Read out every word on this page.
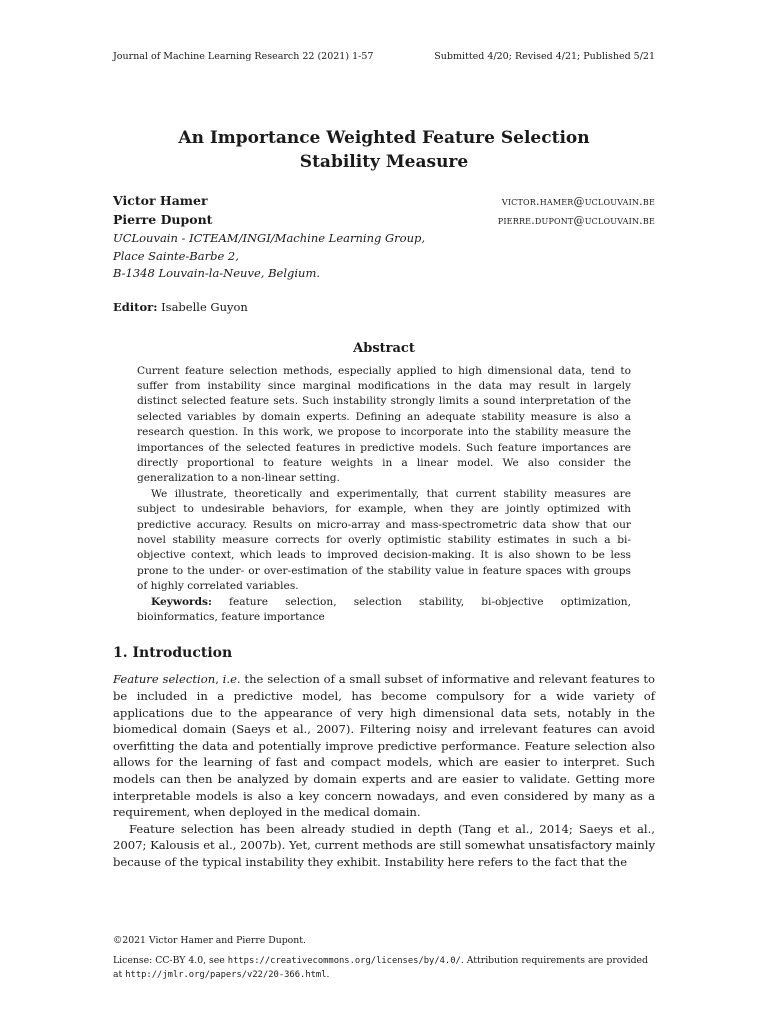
Journal of Machine Learning Research 22 (2021) 1-57	Submitted 4/20; Revised 4/21; Published 5/21
An Importance Weighted Feature Selection
Stability Measure
Victor Hamer	victor.hamer@uclouvain.be
Pierre Dupont	pierre.dupont@uclouvain.be
UCLouvain - ICTEAM/INGI/Machine Learning Group,
Place Sainte-Barbe 2,
B-1348 Louvain-la-Neuve, Belgium.
Editor: Isabelle Guyon
Abstract

Current feature selection methods, especially applied to high dimensional data, tend to suffer from instability since marginal modifications in the data may result in largely distinct selected feature sets. Such instability strongly limits a sound interpretation of the selected variables by domain experts. Defining an adequate stability measure is also a research question. In this work, we propose to incorporate into the stability measure the importances of the selected features in predictive models. Such feature importances are directly proportional to feature weights in a linear model. We also consider the generalization to a non-linear setting.

We illustrate, theoretically and experimentally, that current stability measures are subject to undesirable behaviors, for example, when they are jointly optimized with predictive accuracy. Results on micro-array and mass-spectrometric data show that our novel stability measure corrects for overly optimistic stability estimates in such a bi-objective context, which leads to improved decision-making. It is also shown to be less prone to the under- or over-estimation of the stability value in feature spaces with groups of highly correlated variables.

Keywords: feature selection, selection stability, bi-objective optimization, bioinformatics, feature importance

1. Introduction

Feature selection, i.e. the selection of a small subset of informative and relevant features to be included in a predictive model, has become compulsory for a wide variety of applications due to the appearance of very high dimensional data sets, notably in the biomedical domain (Saeys et al., 2007). Filtering noisy and irrelevant features can avoid overfitting the data and potentially improve predictive performance. Feature selection also allows for the learning of fast and compact models, which are easier to interpret. Such models can then be analyzed by domain experts and are easier to validate. Getting more interpretable models is also a key concern nowadays, and even considered by many as a requirement, when deployed in the medical domain.

Feature selection has been already studied in depth (Tang et al., 2014; Saeys et al., 2007; Kalousis et al., 2007b). Yet, current methods are still somewhat unsatisfactory mainly because of the typical instability they exhibit. Instability here refers to the fact that the

©2021 Victor Hamer and Pierre Dupont.
License: CC-BY 4.0, see https://creativecommons.org/licenses/by/4.0/. Attribution requirements are provided at http://jmlr.org/papers/v22/20-366.html.
